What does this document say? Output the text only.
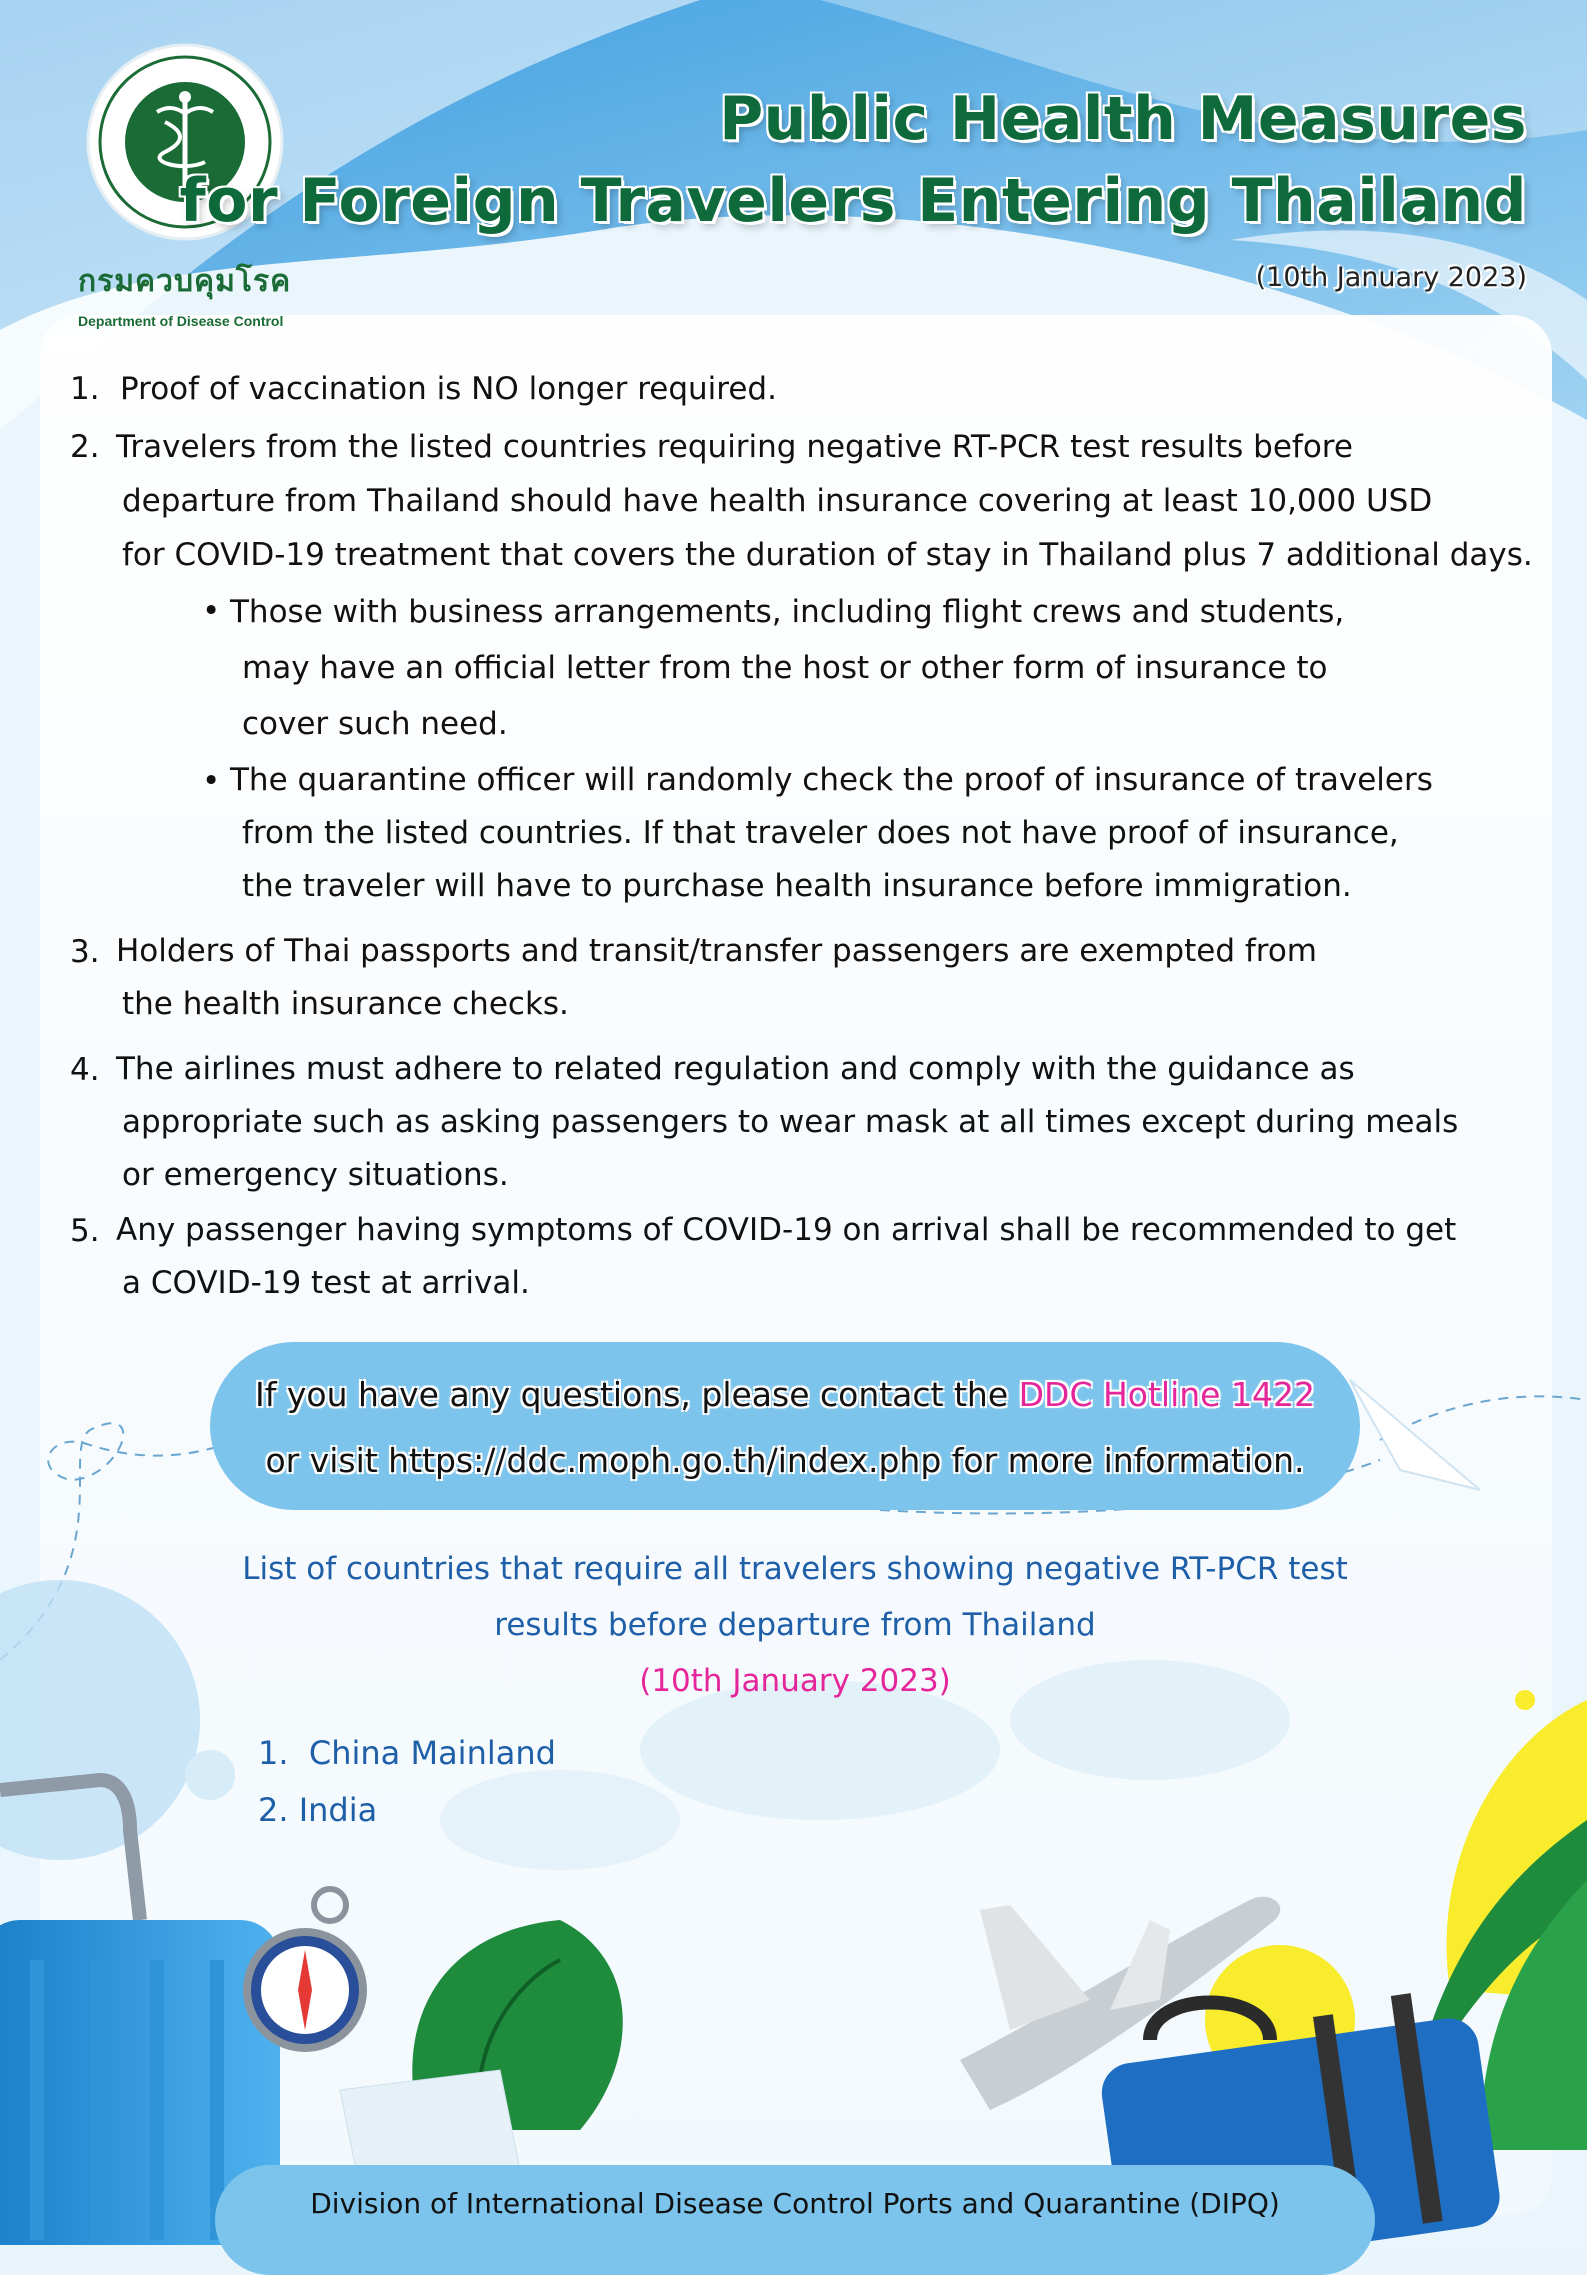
กรมควบคุมโรค
Department of Disease Control
Public Health Measures
for Foreign Travelers Entering Thailand
(10th January 2023)
1. Proof of vaccination is NO longer required.
2. Travelers from the listed countries requiring negative RT-PCR test results before
departure from Thailand should have health insurance covering at least 10,000 USD
for COVID-19 treatment that covers the duration of stay in Thailand plus 7 additional days.
• Those with business arrangements, including flight crews and students,
may have an official letter from the host or other form of insurance to
cover such need.
• The quarantine officer will randomly check the proof of insurance of travelers
from the listed countries. If that traveler does not have proof of insurance,
the traveler will have to purchase health insurance before immigration.
3. Holders of Thai passports and transit/transfer passengers are exempted from
the health insurance checks.
4. The airlines must adhere to related regulation and comply with the guidance as
appropriate such as asking passengers to wear mask at all times except during meals
or emergency situations.
5. Any passenger having symptoms of COVID-19 on arrival shall be recommended to get
a COVID-19 test at arrival.
If you have any questions, please contact the DDC Hotline 1422
or visit https://ddc.moph.go.th/index.php for more information.
List of countries that require all travelers showing negative RT-PCR test
results before departure from Thailand
(10th January 2023)
1. China Mainland
2. India
Division of International Disease Control Ports and Quarantine (DIPQ)
